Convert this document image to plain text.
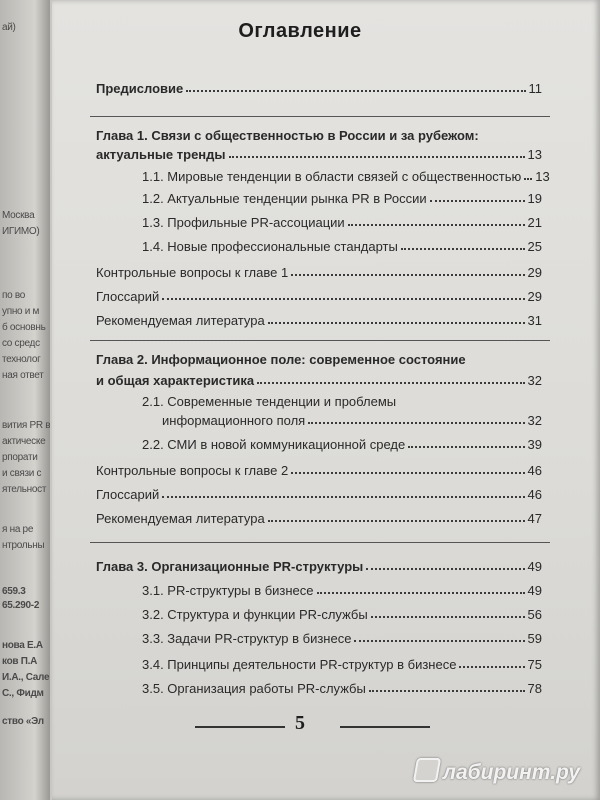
ай)
Москва
ИГИМО)
по во
упно и м
б основнь
со средс
технолог
ная ответ
вития PR в
актическе
рпорати
и связи с
ятельност
я на ре
нтрольны
659.3
65.290-2
нова Е.А
ков П.А
И.А., Сале
С., Фидм
ство «Эл
Оглавление
Предисловие	11
Глава 1. Связи с общественностью в России и за рубежом:
актуальные тренды	13
1.1. Мировые тенденции в области связей с общественностью 13
1.2. Актуальные тенденции рынка PR в России	19
1.3. Профильные PR-ассоциации	21
1.4. Новые профессиональные стандарты	25
Контрольные вопросы к главе 1	29
Глоссарий	29
Рекомендуемая литература	31
Глава 2. Информационное поле: современное состояние
и общая характеристика	32
2.1. Современные тенденции и проблемы
информационного поля	32
2.2. СМИ в новой коммуникационной среде	39
Контрольные вопросы к главе 2	46
Глоссарий	46
Рекомендуемая литература	47
Глава 3. Организационные PR-структуры	49
3.1. PR-структуры в бизнесе	49
3.2. Структура и функции PR-службы	56
3.3. Задачи PR-структур в бизнесе	59
3.4. Принципы деятельности PR-структур в бизнесе	75
3.5. Организация работы PR-службы	78
5
лабиринт.ру
